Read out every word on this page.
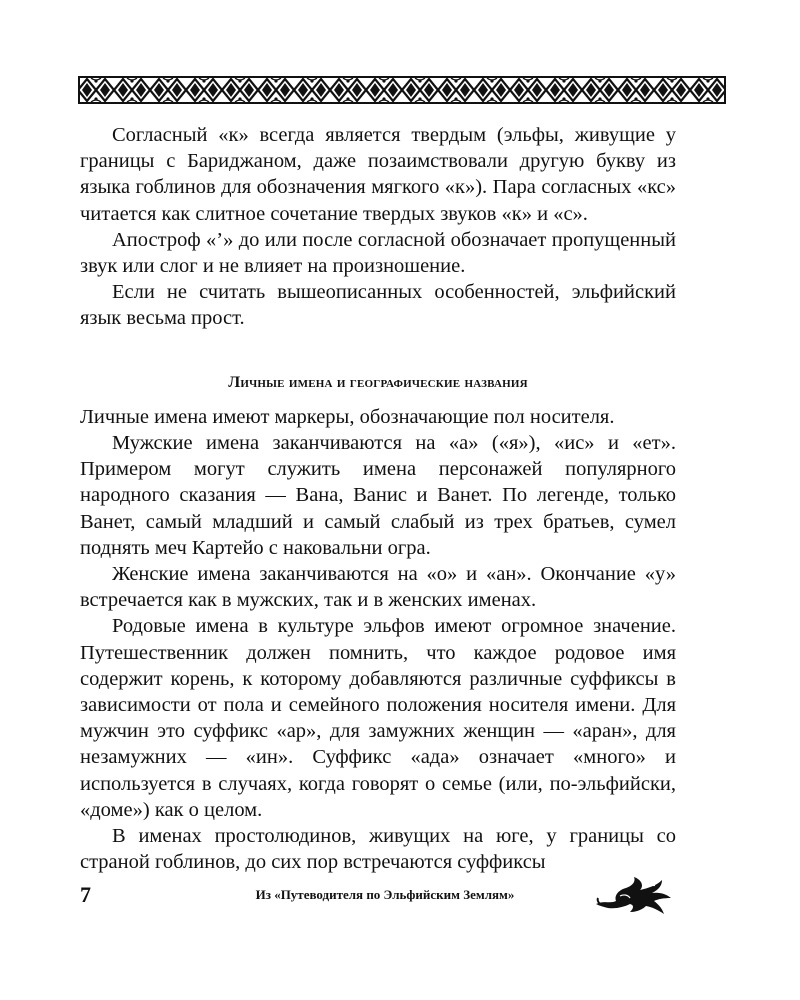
Согласный «к» всегда является твердым (эльфы, живущие у границы с Бариджаном, даже позаимствовали другую букву из языка гоблинов для обозначения мягкого «к»). Пара согласных «кс» читается как слитное сочетание твердых звуков «к» и «с».

Апостроф «’» до или после согласной обозначает пропущенный звук или слог и не влияет на произношение.

Если не считать вышеописанных особенностей, эльфийский язык весьма прост.

Личные имена и географические названия

Личные имена имеют маркеры, обозначающие пол носителя.

Мужские имена заканчиваются на «а» («я»), «ис» и «ет». Примером могут служить имена персонажей популярного народного сказания — Вана, Ванис и Ванет. По легенде, только Ванет, самый младший и самый слабый из трех братьев, сумел поднять меч Картейо с наковальни огра.

Женские имена заканчиваются на «о» и «ан». Окончание «у» встречается как в мужских, так и в женских именах.

Родовые имена в культуре эльфов имеют огромное значение. Путешественник должен помнить, что каждое родовое имя содержит корень, к которому добавляются различные суффиксы в зависимости от пола и семейного положения носителя имени. Для мужчин это суффикс «ар», для замужних женщин — «аран», для незамужних — «ин». Суффикс «ада» означает «много» и используется в случаях, когда говорят о семье (или, по-эльфийски, «доме») как о целом.

В именах простолюдинов, живущих на юге, у границы со страной гоблинов, до сих пор встречаются суффиксы

7	Из «Путеводителя по Эльфийским Землям»
